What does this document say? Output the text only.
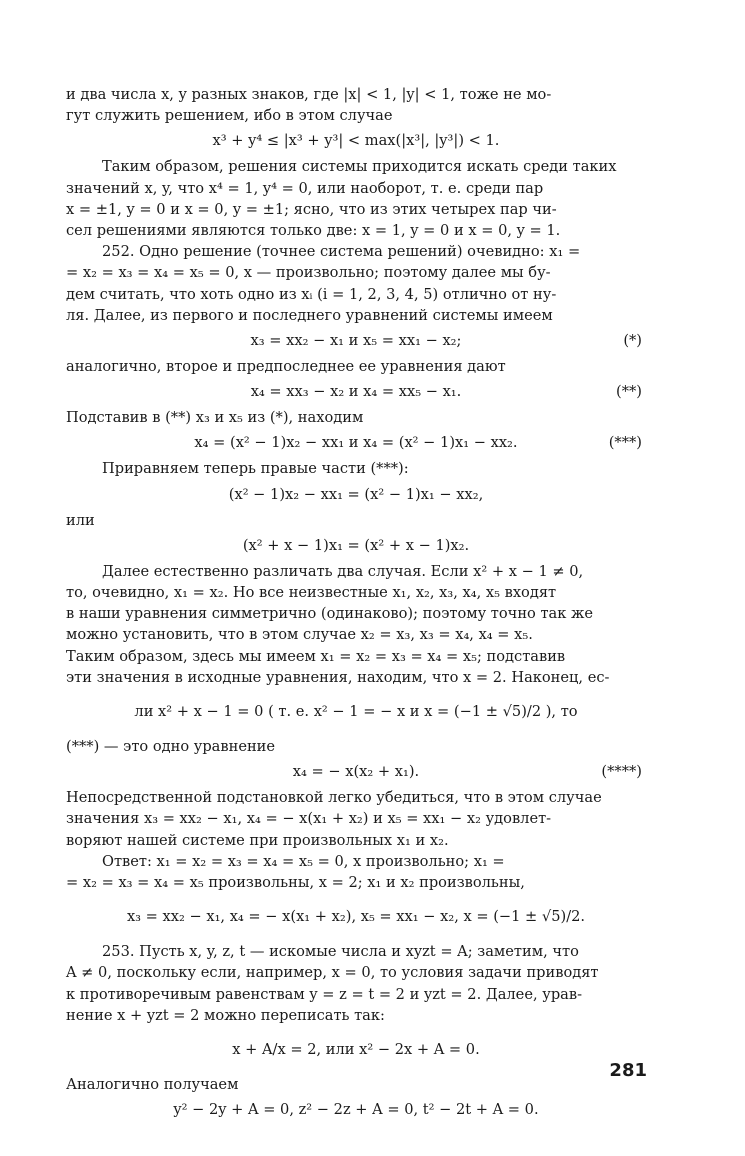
и два числа x, y разных знаков, где |x| < 1, |y| < 1, тоже не мо-

гут служить решением, ибо в этом случае

x³ + y⁴ ≤ |x³ + y³| < max(|x³|, |y³|) < 1.

Таким образом, решения системы приходится искать среди таких

значений x, y, что x⁴ = 1, y⁴ = 0, или наоборот, т. е. среди пар

x = ±1, y = 0 и x = 0, y = ±1; ясно, что из этих четырех пар чи-

сел решениями являются только две: x = 1, y = 0 и x = 0, y = 1.

252. Одно решение (точнее система решений) очевидно: x₁ =

= x₂ = x₃ = x₄ = x₅ = 0, x — произвольно; поэтому далее мы бу-

дем считать, что хоть одно из xᵢ (i = 1, 2, 3, 4, 5) отлично от ну-

ля. Далее, из первого и последнего уравнений системы имеем

x₃ = xx₂ − x₁ и x₅ = xx₁ − x₂;	(*)

аналогично, второе и предпоследнее ее уравнения дают

x₄ = xx₃ − x₂ и x₄ = xx₅ − x₁.	(**)

Подставив в (**) x₃ и x₅ из (*), находим

x₄ = (x² − 1)x₂ − xx₁ и x₄ = (x² − 1)x₁ − xx₂.	(***)

Приравняем теперь правые части (***):

(x² − 1)x₂ − xx₁ = (x² − 1)x₁ − xx₂,

или

(x² + x − 1)x₁ = (x² + x − 1)x₂.

Далее естественно различать два случая. Если x² + x − 1 ≠ 0,

то, очевидно, x₁ = x₂. Но все неизвестные x₁, x₂, x₃, x₄, x₅ входят

в наши уравнения симметрично (одинаково); поэтому точно так же

можно установить, что в этом случае x₂ = x₃, x₃ = x₄, x₄ = x₅.

Таким образом, здесь мы имеем x₁ = x₂ = x₃ = x₄ = x₅; подставив

эти значения в исходные уравнения, находим, что x = 2. Наконец, ес-

ли x² + x − 1 = 0 ( т. е. x² − 1 = − x и x = (−1 ± √5)/2 ), то

(***) — это одно уравнение

x₄ = − x(x₂ + x₁).	(****)

Непосредственной подстановкой легко убедиться, что в этом случае

значения x₃ = xx₂ − x₁, x₄ = − x(x₁ + x₂) и x₅ = xx₁ − x₂ удовлет-

воряют нашей системе при произвольных x₁ и x₂.

Ответ: x₁ = x₂ = x₃ = x₄ = x₅ = 0, x произвольно; x₁ =

= x₂ = x₃ = x₄ = x₅ произвольны, x = 2; x₁ и x₂ произвольны,

x₃ = xx₂ − x₁, x₄ = − x(x₁ + x₂), x₅ = xx₁ − x₂, x = (−1 ± √5)/2.

253. Пусть x, y, z, t — искомые числа и xyzt = A; заметим, что

A ≠ 0, поскольку если, например, x = 0, то условия задачи приводят

к противоречивым равенствам y = z = t = 2 и yzt = 2. Далее, урав-

нение x + yzt = 2 можно переписать так:

x + A/x = 2, или x² − 2x + A = 0.

Аналогично получаем

y² − 2y + A = 0, z² − 2z + A = 0, t² − 2t + A = 0.
281
